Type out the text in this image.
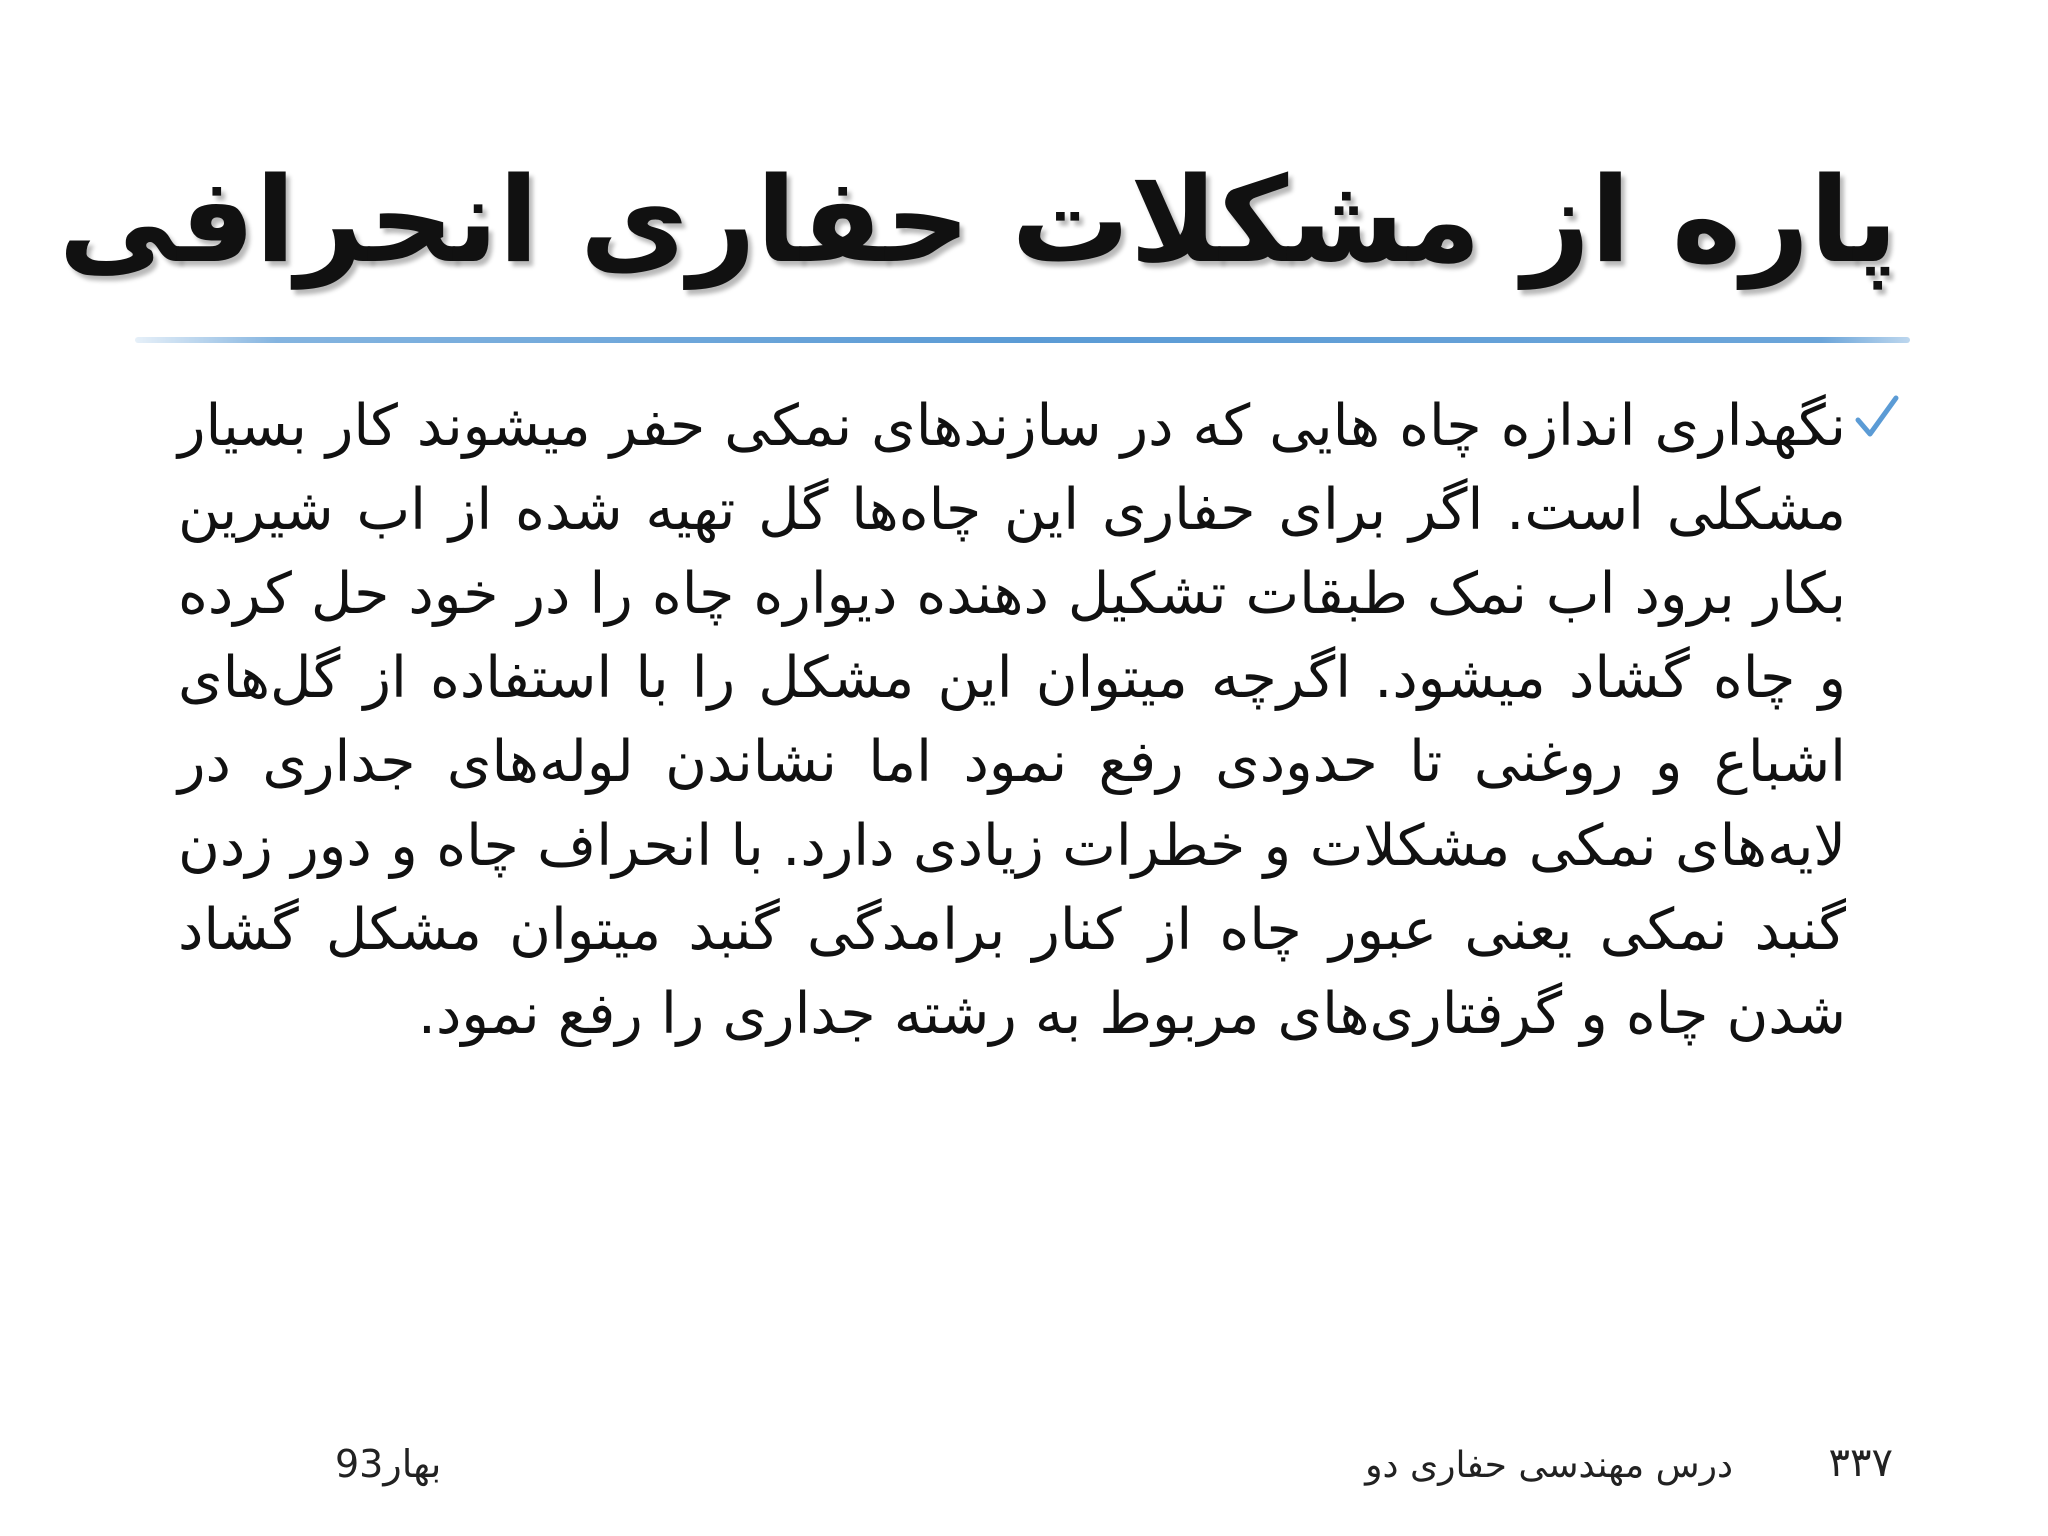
پاره از مشکلات حفاری انحرافی

نگهداری اندازه چاه هایی که در سازندهای نمکی حفر میشوند کار بسیار مشکلی است. اگر برای حفاری این چاه‌ها گل تهیه شده از اب شیرین بکار برود اب نمک طبقات تشکیل دهنده دیواره چاه را در خود حل کرده و چاه گشاد میشود. اگرچه میتوان این مشکل را با استفاده از گل‌های اشباع و روغنی تا حدودی رفع نمود اما نشاندن لوله‌های جداری در لایه‌های نمکی مشکلات و خطرات زیادی دارد. با انحراف چاه و دور زدن گنبد نمکی یعنی عبور چاه از کنار برامدگی گنبد میتوان مشکل گشاد شدن چاه و گرفتاری‌های مربوط به رشته جداری را رفع نمود.

۳۳۷
درس مهندسی حفاری دو
بهار93
